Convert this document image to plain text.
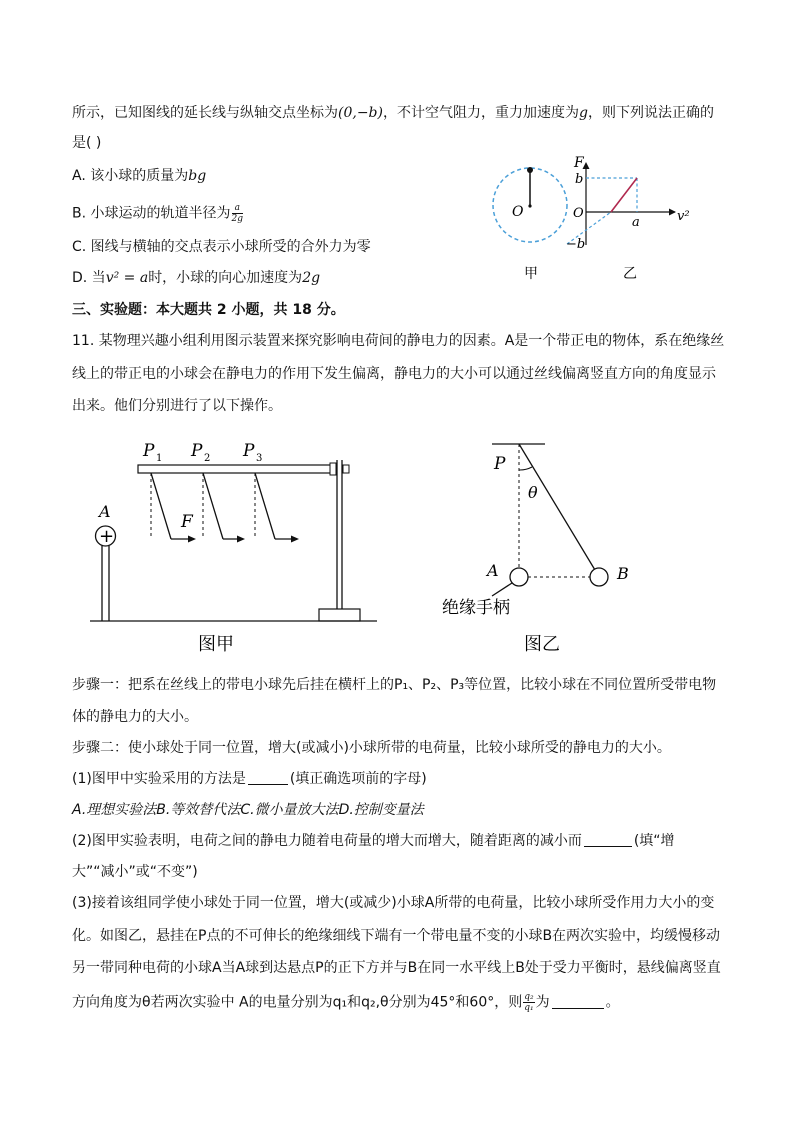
所示，已知图线的延长线与纵轴交点坐标为(0,−b)，不计空气阻力，重力加速度为g，则下列说法正确的
是( )
A. 该小球的质量为bg
B. 小球运动的轨道半径为 $\frac{a}{2g}$
C. 图线与横轴的交点表示小球所受的合外力为零
D. 当v² = a时，小球的向心加速度为2g
O
F
b
O
a	v²
−b
甲	乙
三、实验题：本大题共 2 小题，共 18 分。
11. 某物理兴趣小组利用图示装置来探究影响电荷间的静电力的因素。A是一个带正电的物体，系在绝缘丝
线上的带正电的小球会在静电力的作用下发生偏离，静电力的大小可以通过丝线偏离竖直方向的角度显示
出来。他们分别进行了以下操作。
+
A
P 1 P 2 P 3
F
图甲
P
θ
A	B
绝缘手柄
图乙
步骤一：把系在丝线上的带电小球先后挂在横杆上的P₁、P₂、P₃等位置，比较小球在不同位置所受带电物
体的静电力的大小。
步骤二：使小球处于同一位置，增大(或减小)小球所带的电荷量，比较小球所受的静电力的大小。
(1)图甲中实验采用的方法是	(填正确选项前的字母)
A.理想实验法B.等效替代法C.微小量放大法D.控制变量法
(2)图甲实验表明，电荷之间的静电力随着电荷量的增大而增大，随着距离的减小而	(填“增
大”“减小”或“不变”)
(3)接着该组同学使小球处于同一位置，增大(或减少)小球A所带的电荷量，比较小球所受作用力大小的变
化。如图乙，悬挂在P点的不可伸长的绝缘细线下端有一个带电量不变的小球B在两次实验中，均缓慢移动
另一带同种电荷的小球A当A球到达悬点P的正下方并与B在同一水平线上B处于受力平衡时，悬线偏离竖直
方向角度为θ若两次实验中 A的电量分别为q₁和q₂,θ分别为45°和60°，则 $\frac{\text{q₂}}{\text{q₁}}$ 为	。
